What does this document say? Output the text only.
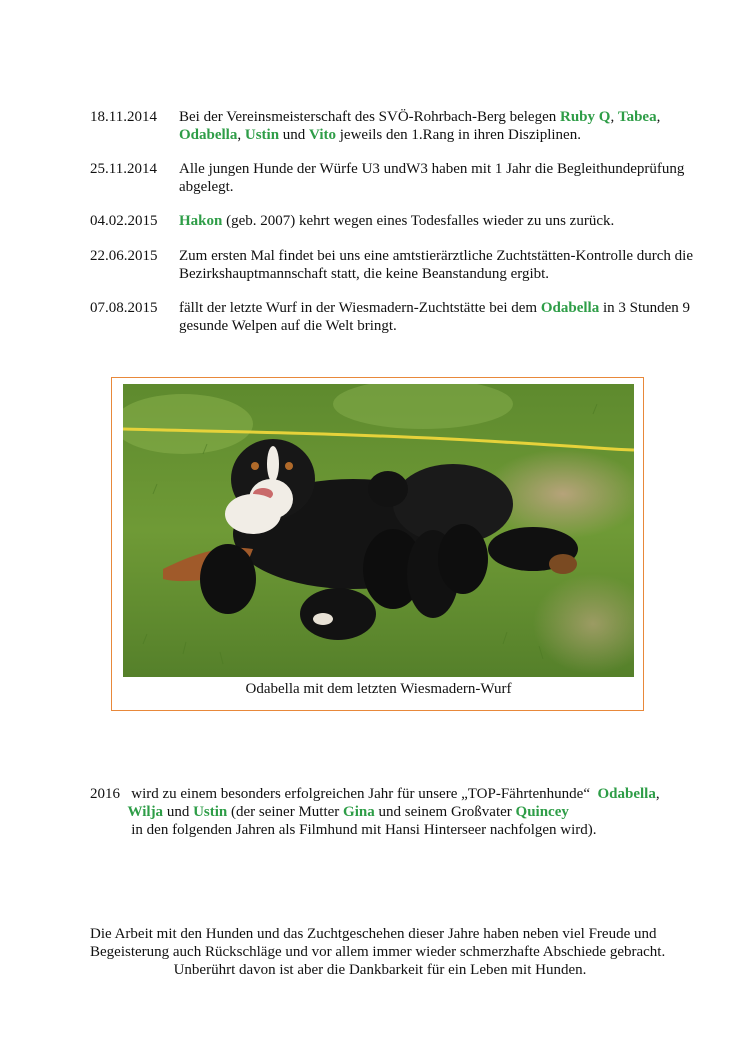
18.11.2014	Bei der Vereinsmeisterschaft des SVÖ-Rohrbach-Berg belegen Ruby Q, Tabea, Odabella, Ustin und Vito jeweils den 1.Rang in ihren Disziplinen.
25.11.2014	Alle jungen Hunde der Würfe U3 undW3 haben mit 1 Jahr die Begleithundeprüfung abgelegt.
04.02.2015	Hakon (geb. 2007) kehrt wegen eines Todesfalles wieder zu uns zurück.
22.06.2015	Zum ersten Mal findet bei uns eine amtstierärztliche Zuchtstätten-Kontrolle durch die Bezirkshauptmannschaft statt, die keine Beanstandung ergibt.
07.08.2015	fällt der letzte Wurf in der Wiesmadern-Zuchtstätte bei dem Odabella in 3 Stunden 9 gesunde Welpen auf die Welt bringt.
Odabella mit dem letzten Wiesmadern-Wurf
2016   wird zu einem besonders erfolgreichen Jahr für unsere „TOP-Fährtenhunde“  Odabella,
Wilja und Ustin (der seiner Mutter Gina und seinem Großvater Quincey
in den folgenden Jahren als Filmhund mit Hansi Hinterseer nachfolgen wird).
Die Arbeit mit den Hunden und das Zuchtgeschehen dieser Jahre haben neben viel Freude und
Begeisterung auch Rückschläge und vor allem immer wieder schmerzhafte Abschiede gebracht.
Unberührt davon ist aber die Dankbarkeit für ein Leben mit Hunden.
